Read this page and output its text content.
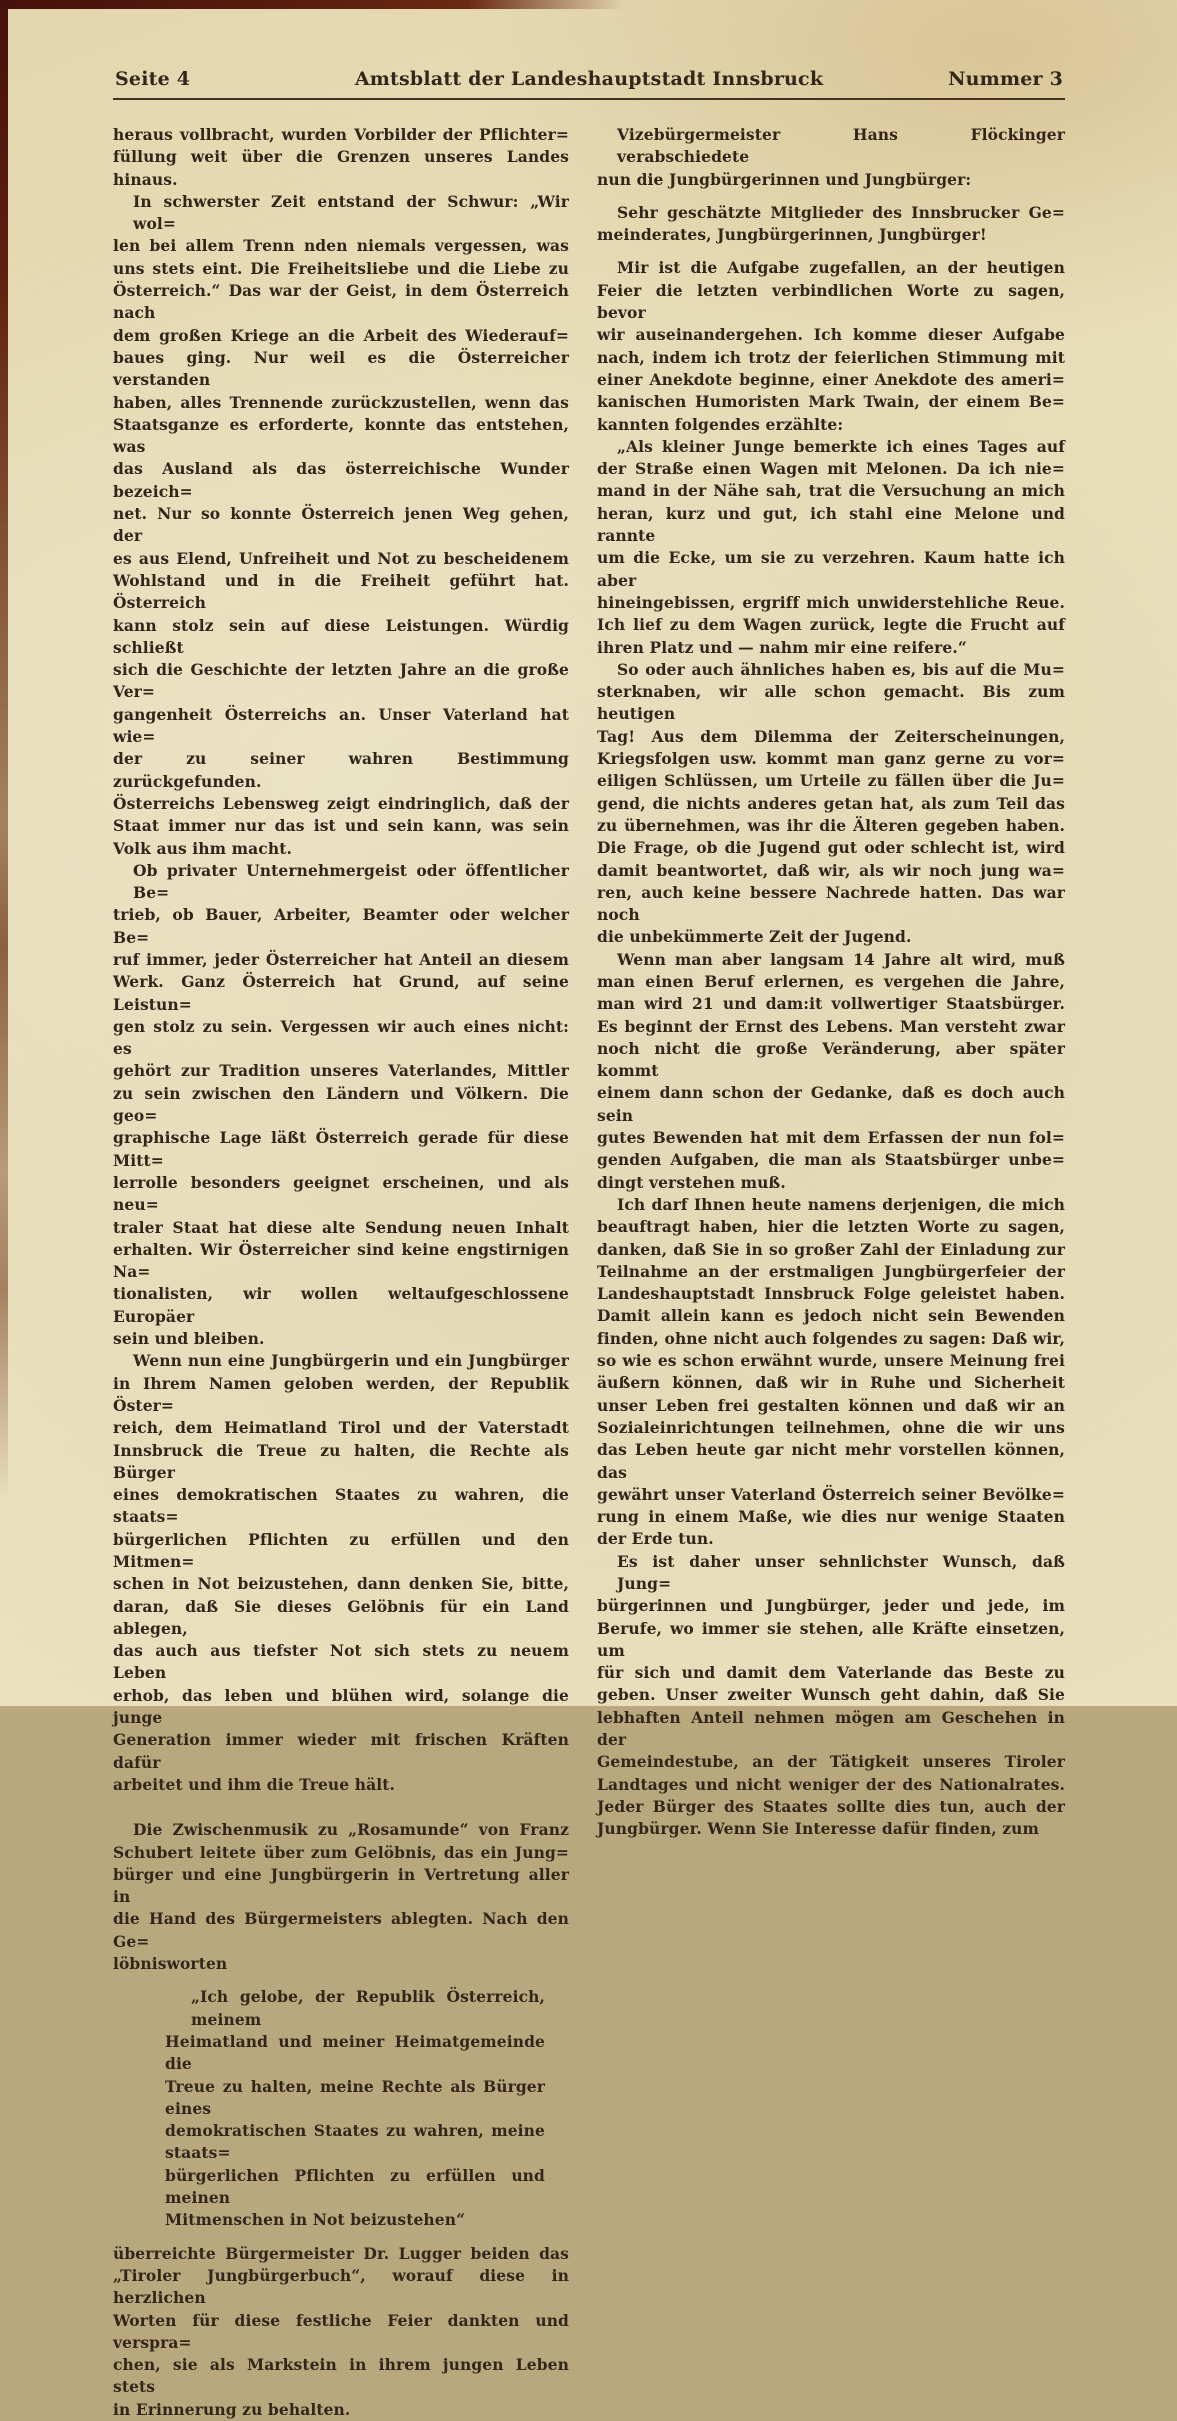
Seite 4	Amtsblatt der Landeshauptstadt Innsbruck	Nummer 3
heraus vollbracht, wurden Vorbilder der Pflichter=
füllung weit über die Grenzen unseres Landes
hinaus.
In schwerster Zeit entstand der Schwur: „Wir wol=
len bei allem Trenn nden niemals vergessen, was
uns stets eint. Die Freiheitsliebe und die Liebe zu
Österreich.“ Das war der Geist, in dem Österreich nach
dem großen Kriege an die Arbeit des Wiederauf=
baues ging. Nur weil es die Österreicher verstanden
haben, alles Trennende zurückzustellen, wenn das
Staatsganze es erforderte, konnte das entstehen, was
das Ausland als das österreichische Wunder bezeich=
net. Nur so konnte Österreich jenen Weg gehen, der
es aus Elend, Unfreiheit und Not zu bescheidenem
Wohlstand und in die Freiheit geführt hat. Österreich
kann stolz sein auf diese Leistungen. Würdig schließt
sich die Geschichte der letzten Jahre an die große Ver=
gangenheit Österreichs an. Unser Vaterland hat wie=
der zu seiner wahren Bestimmung zurückgefunden.
Österreichs Lebensweg zeigt eindringlich, daß der
Staat immer nur das ist und sein kann, was sein
Volk aus ihm macht.
Ob privater Unternehmergeist oder öffentlicher Be=
trieb, ob Bauer, Arbeiter, Beamter oder welcher Be=
ruf immer, jeder Österreicher hat Anteil an diesem
Werk. Ganz Österreich hat Grund, auf seine Leistun=
gen stolz zu sein. Vergessen wir auch eines nicht: es
gehört zur Tradition unseres Vaterlandes, Mittler
zu sein zwischen den Ländern und Völkern. Die geo=
graphische Lage läßt Österreich gerade für diese Mitt=
lerrolle besonders geeignet erscheinen, und als neu=
traler Staat hat diese alte Sendung neuen Inhalt
erhalten. Wir Österreicher sind keine engstirnigen Na=
tionalisten, wir wollen weltaufgeschlossene Europäer
sein und bleiben.
Wenn nun eine Jungbürgerin und ein Jungbürger
in Ihrem Namen geloben werden, der Republik Öster=
reich, dem Heimatland Tirol und der Vaterstadt
Innsbruck die Treue zu halten, die Rechte als Bürger
eines demokratischen Staates zu wahren, die staats=
bürgerlichen Pflichten zu erfüllen und den Mitmen=
schen in Not beizustehen, dann denken Sie, bitte,
daran, daß Sie dieses Gelöbnis für ein Land ablegen,
das auch aus tiefster Not sich stets zu neuem Leben
erhob, das leben und blühen wird, solange die junge
Generation immer wieder mit frischen Kräften dafür
arbeitet und ihm die Treue hält.
Die Zwischenmusik zu „Rosamunde“ von Franz
Schubert leitete über zum Gelöbnis, das ein Jung=
bürger und eine Jungbürgerin in Vertretung aller in
die Hand des Bürgermeisters ablegten. Nach den Ge=
löbnisworten
„Ich gelobe, der Republik Österreich, meinem
Heimatland und meiner Heimatgemeinde die
Treue zu halten, meine Rechte als Bürger eines
demokratischen Staates zu wahren, meine staats=
bürgerlichen Pflichten zu erfüllen und meinen
Mitmenschen in Not beizustehen“
überreichte Bürgermeister Dr. Lugger beiden das
„Tiroler Jungbürgerbuch“, worauf diese in herzlichen
Worten für diese festliche Feier dankten und verspra=
chen, sie als Markstein in ihrem jungen Leben stets
in Erinnerung zu behalten.
Vizebürgermeister Hans Flöckinger verabschiedete
nun die Jungbürgerinnen und Jungbürger:
Sehr geschätzte Mitglieder des Innsbrucker Ge=
meinderates, Jungbürgerinnen, Jungbürger!
Mir ist die Aufgabe zugefallen, an der heutigen
Feier die letzten verbindlichen Worte zu sagen, bevor
wir auseinandergehen. Ich komme dieser Aufgabe
nach, indem ich trotz der feierlichen Stimmung mit
einer Anekdote beginne, einer Anekdote des ameri=
kanischen Humoristen Mark Twain, der einem Be=
kannten folgendes erzählte:
„Als kleiner Junge bemerkte ich eines Tages auf
der Straße einen Wagen mit Melonen. Da ich nie=
mand in der Nähe sah, trat die Versuchung an mich
heran, kurz und gut, ich stahl eine Melone und rannte
um die Ecke, um sie zu verzehren. Kaum hatte ich aber
hineingebissen, ergriff mich unwiderstehliche Reue.
Ich lief zu dem Wagen zurück, legte die Frucht auf
ihren Platz und — nahm mir eine reifere.“
So oder auch ähnliches haben es, bis auf die Mu=
sterknaben, wir alle schon gemacht. Bis zum heutigen
Tag! Aus dem Dilemma der Zeiterscheinungen,
Kriegsfolgen usw. kommt man ganz gerne zu vor=
eiligen Schlüssen, um Urteile zu fällen über die Ju=
gend, die nichts anderes getan hat, als zum Teil das
zu übernehmen, was ihr die Älteren gegeben haben.
Die Frage, ob die Jugend gut oder schlecht ist, wird
damit beantwortet, daß wir, als wir noch jung wa=
ren, auch keine bessere Nachrede hatten. Das war noch
die unbekümmerte Zeit der Jugend.
Wenn man aber langsam 14 Jahre alt wird, muß
man einen Beruf erlernen, es vergehen die Jahre,
man wird 21 und dam:it vollwertiger Staatsbürger.
Es beginnt der Ernst des Lebens. Man versteht zwar
noch nicht die große Veränderung, aber später kommt
einem dann schon der Gedanke, daß es doch auch sein
gutes Bewenden hat mit dem Erfassen der nun fol=
genden Aufgaben, die man als Staatsbürger unbe=
dingt verstehen muß.
Ich darf Ihnen heute namens derjenigen, die mich
beauftragt haben, hier die letzten Worte zu sagen,
danken, daß Sie in so großer Zahl der Einladung zur
Teilnahme an der erstmaligen Jungbürgerfeier der
Landeshauptstadt Innsbruck Folge geleistet haben.
Damit allein kann es jedoch nicht sein Bewenden
finden, ohne nicht auch folgendes zu sagen: Daß wir,
so wie es schon erwähnt wurde, unsere Meinung frei
äußern können, daß wir in Ruhe und Sicherheit
unser Leben frei gestalten können und daß wir an
Sozialeinrichtungen teilnehmen, ohne die wir uns
das Leben heute gar nicht mehr vorstellen können, das
gewährt unser Vaterland Österreich seiner Bevölke=
rung in einem Maße, wie dies nur wenige Staaten
der Erde tun.
Es ist daher unser sehnlichster Wunsch, daß Jung=
bürgerinnen und Jungbürger, jeder und jede, im
Berufe, wo immer sie stehen, alle Kräfte einsetzen, um
für sich und damit dem Vaterlande das Beste zu
geben. Unser zweiter Wunsch geht dahin, daß Sie
lebhaften Anteil nehmen mögen am Geschehen in der
Gemeindestube, an der Tätigkeit unseres Tiroler
Landtages und nicht weniger der des Nationalrates.
Jeder Bürger des Staates sollte dies tun, auch der
Jungbürger. Wenn Sie Interesse dafür finden, zum
